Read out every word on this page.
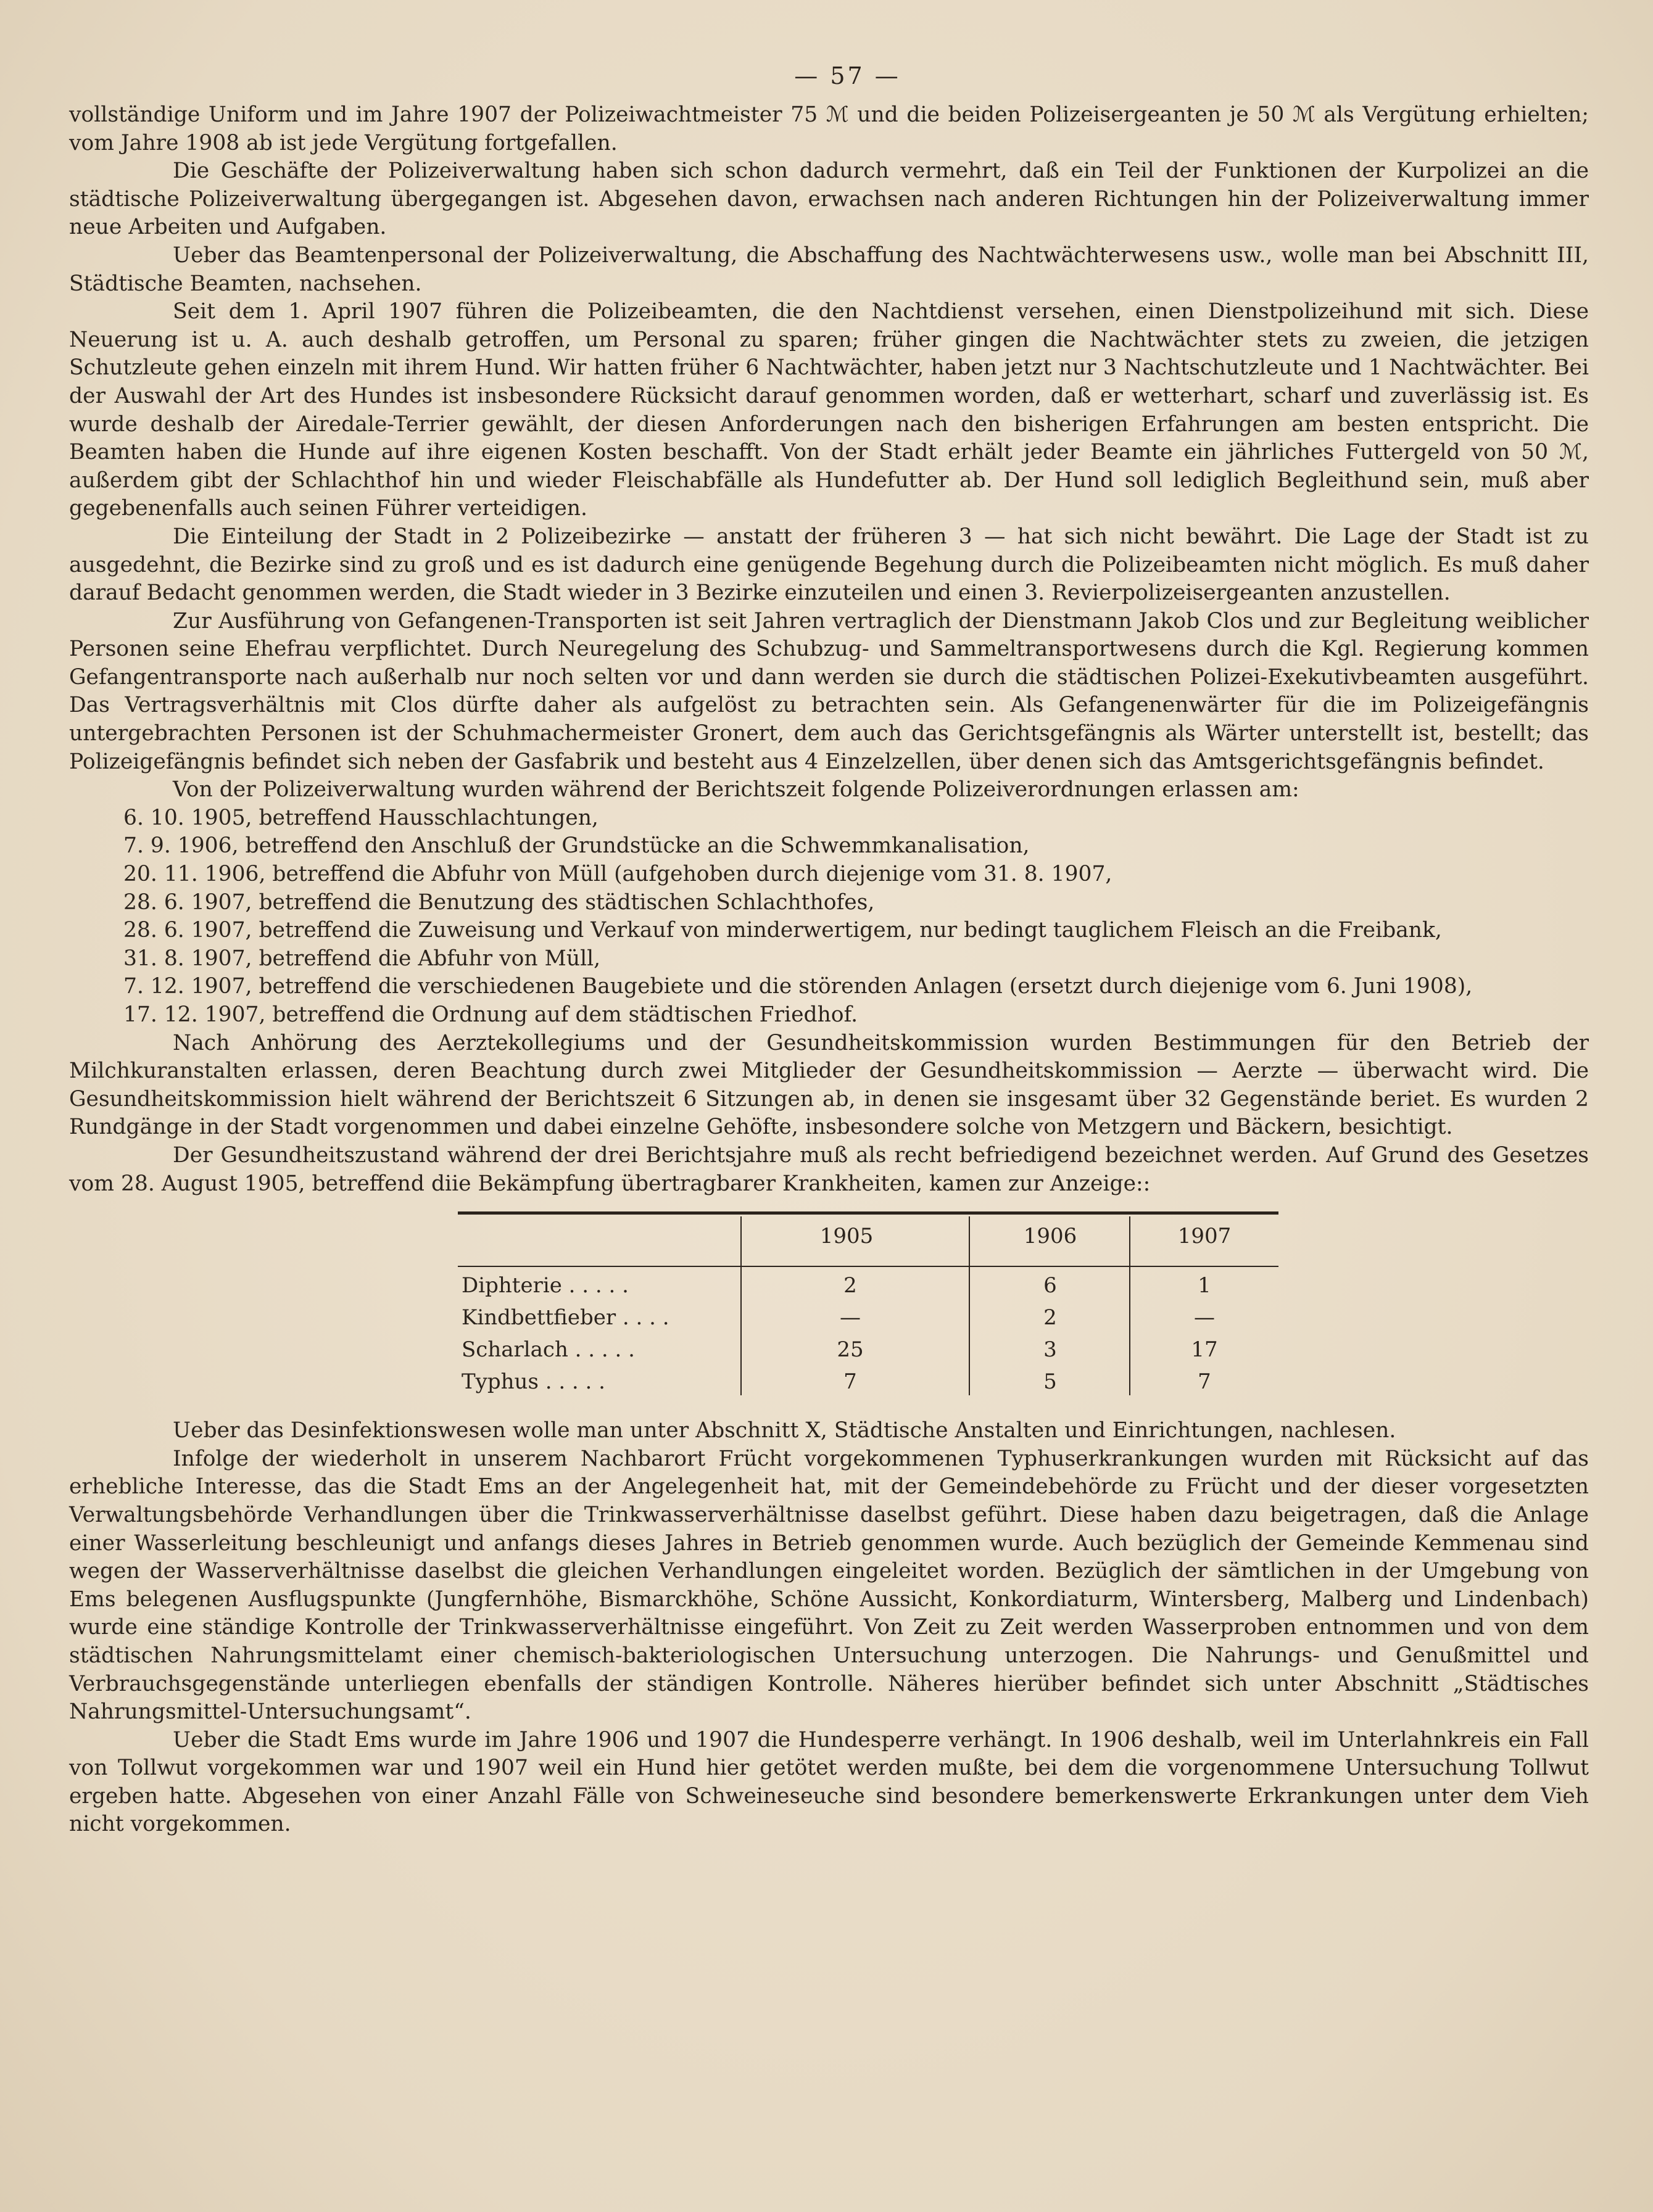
— 57 —

vollständige Uniform und im Jahre 1907 der Polizeiwachtmeister 75 ℳ und die beiden Polizeisergeanten je 50 ℳ als Vergütung erhielten; vom Jahre 1908 ab ist jede Vergütung fortgefallen.

Die Geschäfte der Polizeiverwaltung haben sich schon dadurch vermehrt, daß ein Teil der Funktionen der Kurpolizei an die städtische Polizeiverwaltung übergegangen ist. Abgesehen davon, erwachsen nach anderen Richtungen hin der Polizeiverwaltung immer neue Arbeiten und Aufgaben.

Ueber das Beamtenpersonal der Polizeiverwaltung, die Abschaffung des Nachtwächterwesens usw., wolle man bei Abschnitt III, Städtische Beamten, nachsehen.

Seit dem 1. April 1907 führen die Polizeibeamten, die den Nachtdienst versehen, einen Dienstpolizeihund mit sich. Diese Neuerung ist u. A. auch deshalb getroffen, um Personal zu sparen; früher gingen die Nachtwächter stets zu zweien, die jetzigen Schutzleute gehen einzeln mit ihrem Hund. Wir hatten früher 6 Nachtwächter, haben jetzt nur 3 Nachtschutzleute und 1 Nachtwächter. Bei der Auswahl der Art des Hundes ist insbesondere Rücksicht darauf genommen worden, daß er wetterhart, scharf und zuverlässig ist. Es wurde deshalb der Airedale-Terrier gewählt, der diesen Anforderungen nach den bisherigen Erfahrungen am besten entspricht. Die Beamten haben die Hunde auf ihre eigenen Kosten beschafft. Von der Stadt erhält jeder Beamte ein jährliches Futtergeld von 50 ℳ, außerdem gibt der Schlachthof hin und wieder Fleischabfälle als Hundefutter ab. Der Hund soll lediglich Begleithund sein, muß aber gegebenenfalls auch seinen Führer verteidigen.

Die Einteilung der Stadt in 2 Polizeibezirke — anstatt der früheren 3 — hat sich nicht bewährt. Die Lage der Stadt ist zu ausgedehnt, die Bezirke sind zu groß und es ist dadurch eine genügende Begehung durch die Polizeibeamten nicht möglich. Es muß daher darauf Bedacht genommen werden, die Stadt wieder in 3 Bezirke einzuteilen und einen 3. Revierpolizeisergeanten anzustellen.

Zur Ausführung von Gefangenen-Transporten ist seit Jahren vertraglich der Dienstmann Jakob Clos und zur Begleitung weiblicher Personen seine Ehefrau verpflichtet. Durch Neuregelung des Schubzug- und Sammeltransportwesens durch die Kgl. Regierung kommen Gefangentransporte nach außerhalb nur noch selten vor und dann werden sie durch die städtischen Polizei-Exekutivbeamten ausgeführt. Das Vertragsverhältnis mit Clos dürfte daher als aufgelöst zu betrachten sein. Als Gefangenenwärter für die im Polizeigefängnis untergebrachten Personen ist der Schuhmachermeister Gronert, dem auch das Gerichtsgefängnis als Wärter unterstellt ist, bestellt; das Polizeigefängnis befindet sich neben der Gasfabrik und besteht aus 4 Einzelzellen, über denen sich das Amtsgerichtsgefängnis befindet.

Von der Polizeiverwaltung wurden während der Berichtszeit folgende Polizeiverordnungen erlassen am:

6. 10. 1905, betreffend Hausschlachtungen,
7. 9. 1906, betreffend den Anschluß der Grundstücke an die Schwemmkanalisation,
20. 11. 1906, betreffend die Abfuhr von Müll (aufgehoben durch diejenige vom 31. 8. 1907,
28. 6. 1907, betreffend die Benutzung des städtischen Schlachthofes,
28. 6. 1907, betreffend die Zuweisung und Verkauf von minderwertigem, nur bedingt tauglichem Fleisch an die Freibank,
31. 8. 1907, betreffend die Abfuhr von Müll,
7. 12. 1907, betreffend die verschiedenen Baugebiete und die störenden Anlagen (ersetzt durch diejenige vom 6. Juni 1908),
17. 12. 1907, betreffend die Ordnung auf dem städtischen Friedhof.

Nach Anhörung des Aerztekollegiums und der Gesundheitskommission wurden Bestimmungen für den Betrieb der Milchkuranstalten erlassen, deren Beachtung durch zwei Mitglieder der Gesundheitskommission — Aerzte — überwacht wird. Die Gesundheitskommission hielt während der Berichtszeit 6 Sitzungen ab, in denen sie insgesamt über 32 Gegenstände beriet. Es wurden 2 Rundgänge in der Stadt vorgenommen und dabei einzelne Gehöfte, insbesondere solche von Metzgern und Bäckern, besichtigt.

Der Gesundheitszustand während der drei Berichtsjahre muß als recht befriedigend bezeichnet werden. Auf Grund des Gesetzes vom 28. August 1905, betreffend diie Bekämpfung übertragbarer Krankheiten, kamen zur Anzeige::

1905	1906	1907
Diphterie . . . . .	2	6	1
Kindbettfieber . . . .	—	2	—
Scharlach . . . . .	25	3	17
Typhus . . . . .	7	5	7

Ueber das Desinfektionswesen wolle man unter Abschnitt X, Städtische Anstalten und Einrichtungen, nachlesen.

Infolge der wiederholt in unserem Nachbarort Frücht vorgekommenen Typhuserkrankungen wurden mit Rücksicht auf das erhebliche Interesse, das die Stadt Ems an der Angelegenheit hat, mit der Gemeindebehörde zu Frücht und der dieser vorgesetzten Verwaltungsbehörde Verhandlungen über die Trinkwasserverhältnisse daselbst geführt. Diese haben dazu beigetragen, daß die Anlage einer Wasserleitung beschleunigt und anfangs dieses Jahres in Betrieb genommen wurde. Auch bezüglich der Gemeinde Kemmenau sind wegen der Wasserverhältnisse daselbst die gleichen Verhandlungen eingeleitet worden. Bezüglich der sämtlichen in der Umgebung von Ems belegenen Ausflugspunkte (Jungfernhöhe, Bismarckhöhe, Schöne Aussicht, Konkordiaturm, Wintersberg, Malberg und Lindenbach) wurde eine ständige Kontrolle der Trinkwasserverhältnisse eingeführt. Von Zeit zu Zeit werden Wasserproben entnommen und von dem städtischen Nahrungsmittelamt einer chemisch-bakteriologischen Untersuchung unterzogen. Die Nahrungs- und Genußmittel und Verbrauchsgegenstände unterliegen ebenfalls der ständigen Kontrolle. Näheres hierüber befindet sich unter Abschnitt „Städtisches Nahrungsmittel-Untersuchungsamt“.

Ueber die Stadt Ems wurde im Jahre 1906 und 1907 die Hundesperre verhängt. In 1906 deshalb, weil im Unterlahnkreis ein Fall von Tollwut vorgekommen war und 1907 weil ein Hund hier getötet werden mußte, bei dem die vorgenommene Untersuchung Tollwut ergeben hatte. Abgesehen von einer Anzahl Fälle von Schweineseuche sind besondere bemerkenswerte Erkrankungen unter dem Vieh nicht vorgekommen.
